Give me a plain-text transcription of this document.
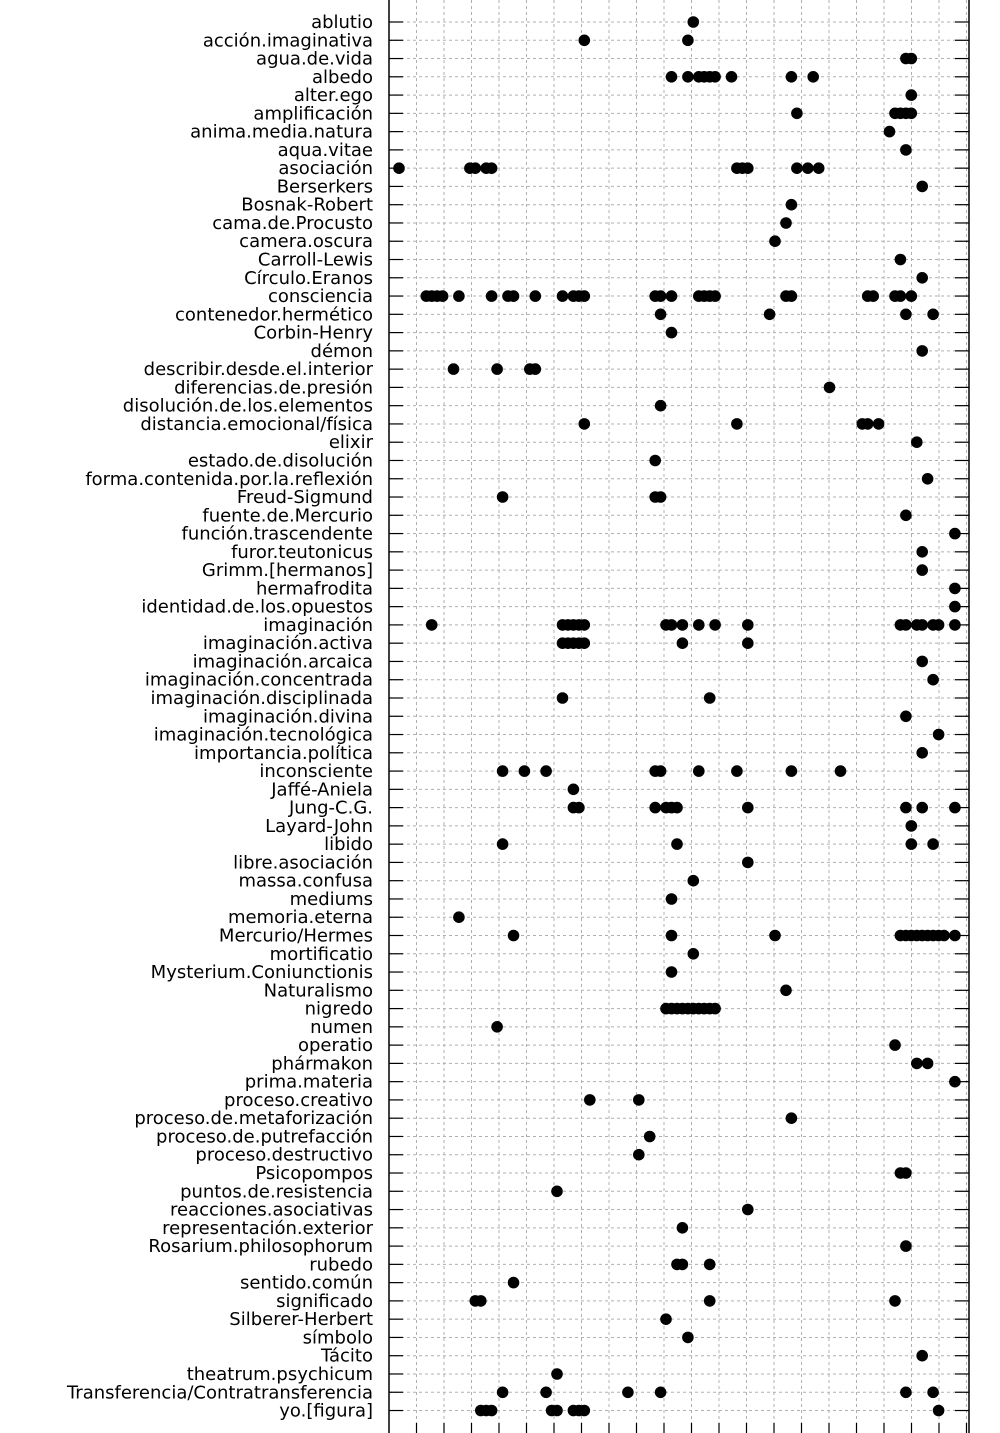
ablutio
acción.imaginativa
agua.de.vida
albedo
alter.ego
amplificación
anima.media.natura
aqua.vitae
asociación
Berserkers
Bosnak-Robert
cama.de.Procusto
camera.oscura
Carroll-Lewis
Círculo.Eranos
consciencia
contenedor.hermético
Corbin-Henry
démon
describir.desde.el.interior
diferencias.de.presión
disolución.de.los.elementos
distancia.emocional/física
elixir
estado.de.disolución
forma.contenida.por.la.reflexión
Freud-Sigmund
fuente.de.Mercurio
función.trascendente
furor.teutonicus
Grimm.[hermanos]
hermafrodita
identidad.de.los.opuestos
imaginación
imaginación.activa
imaginación.arcaica
imaginación.concentrada
imaginación.disciplinada
imaginación.divina
imaginación.tecnológica
importancia.política
inconsciente
Jaffé-Aniela
Jung-C.G.
Layard-John
libido
libre.asociación
massa.confusa
mediums
memoria.eterna
Mercurio/Hermes
mortificatio
Mysterium.Coniunctionis
Naturalismo
nigredo
numen
operatio
phármakon
prima.materia
proceso.creativo
proceso.de.metaforización
proceso.de.putrefacción
proceso.destructivo
Psicopompos
puntos.de.resistencia
reacciones.asociativas
representación.exterior
Rosarium.philosophorum
rubedo
sentido.común
significado
Silberer-Herbert
símbolo
Tácito
theatrum.psychicum
Transferencia/Contratransferencia
yo.[figura]
